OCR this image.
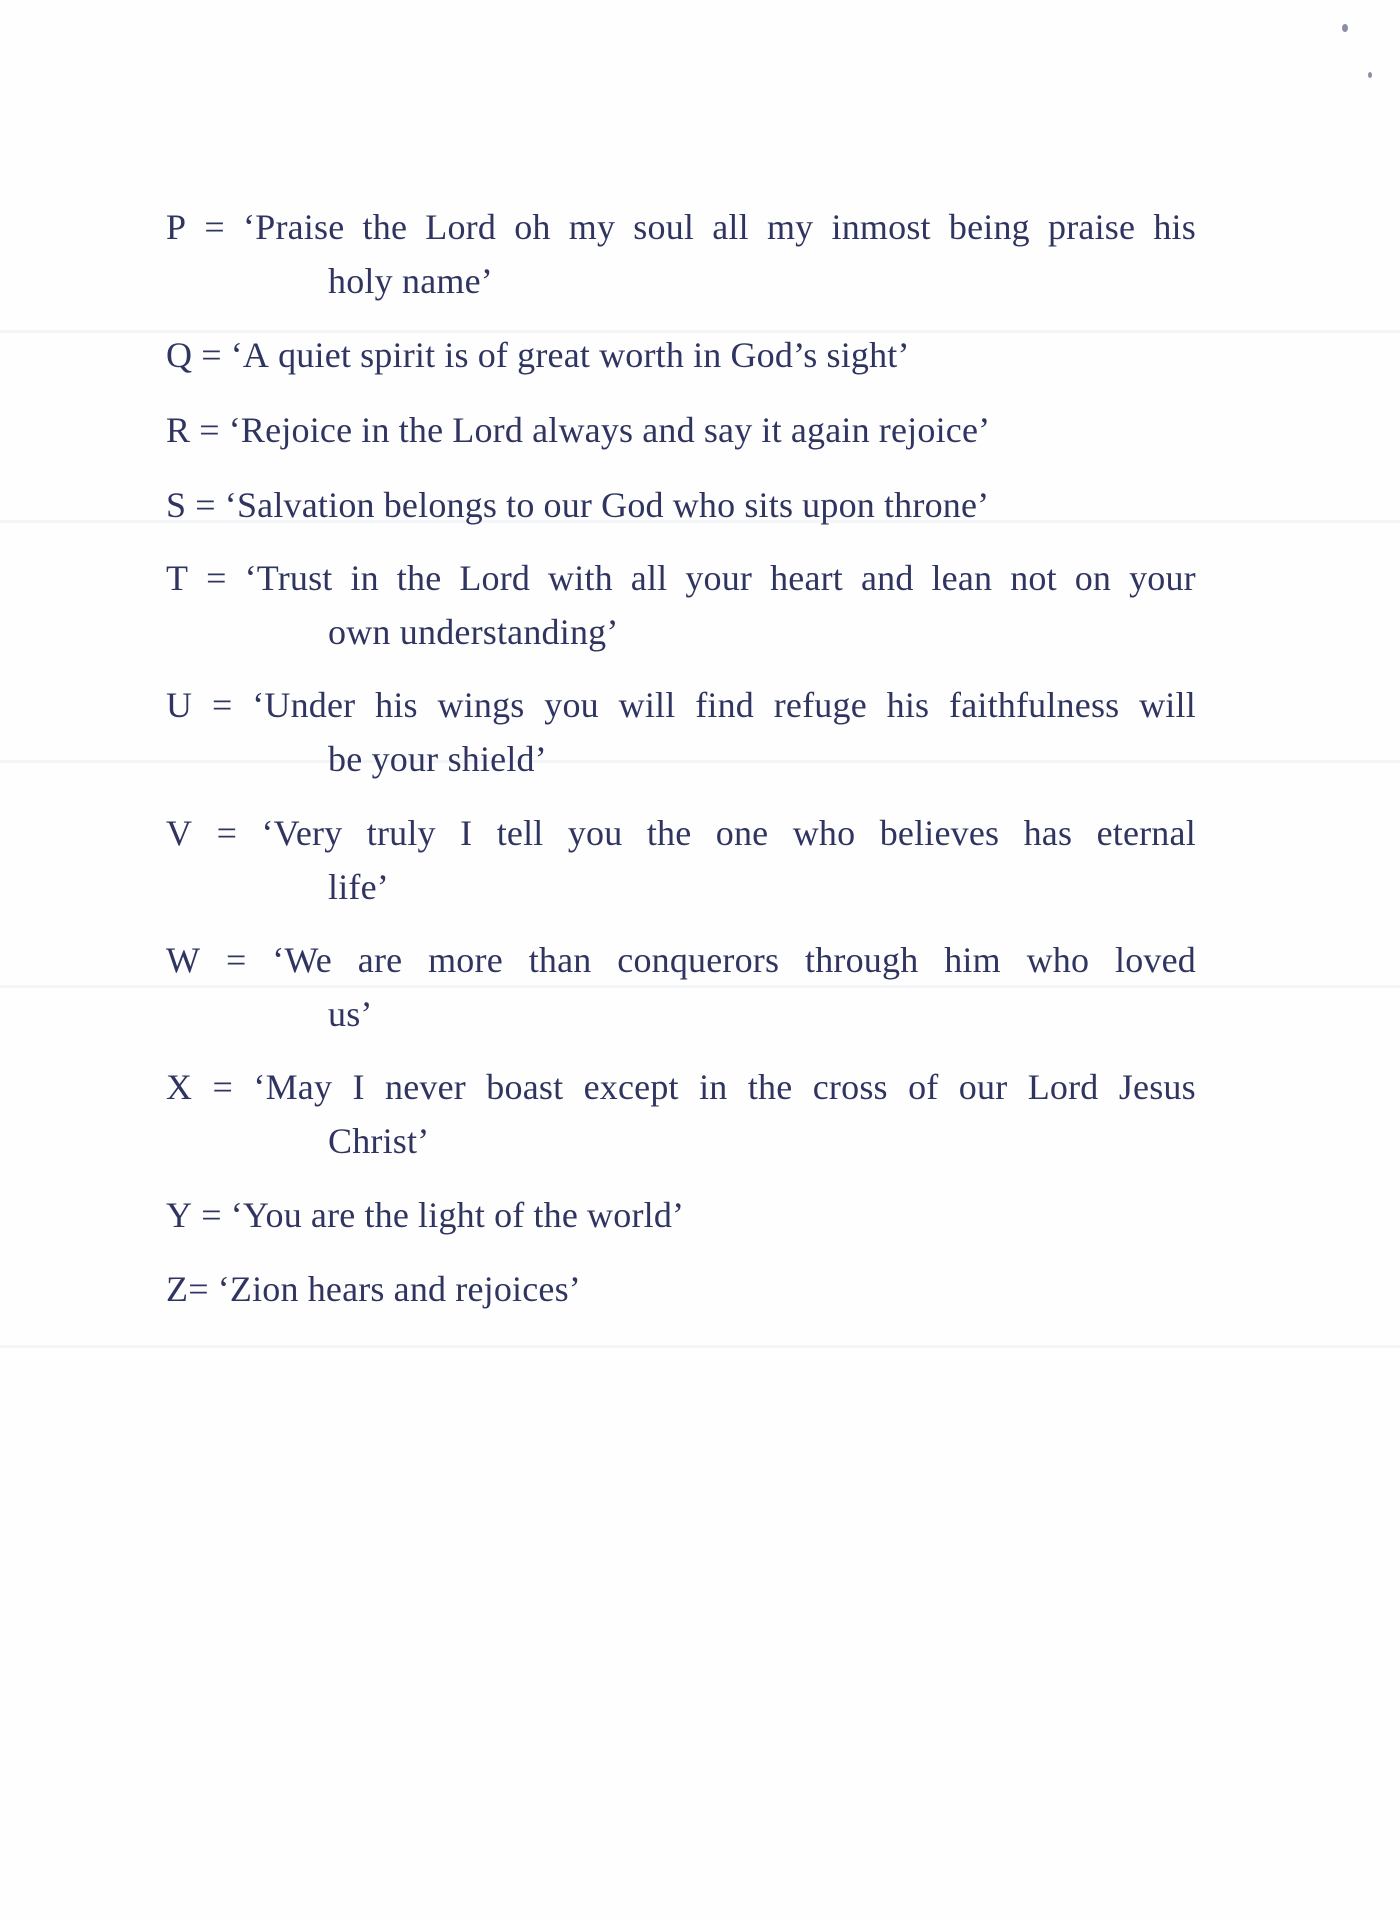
P = ‘Praise the Lord oh my soul all my inmost being praise his
holy name’
Q = ‘A quiet spirit is of great worth in God’s sight’
R = ‘Rejoice in the Lord always and say it again rejoice’
S = ‘Salvation belongs to our God who sits upon throne’
T = ‘Trust in the Lord with all your heart and lean not on your
own understanding’
U = ‘Under his wings you will find refuge his faithfulness will
be your shield’
V = ‘Very truly I tell you the one who believes has eternal
life’
W = ‘We are more than conquerors through him who loved
us’
X = ‘May I never boast except in the cross of our Lord Jesus
Christ’
Y = ‘You are the light of the world’
Z= ‘Zion hears and rejoices’
